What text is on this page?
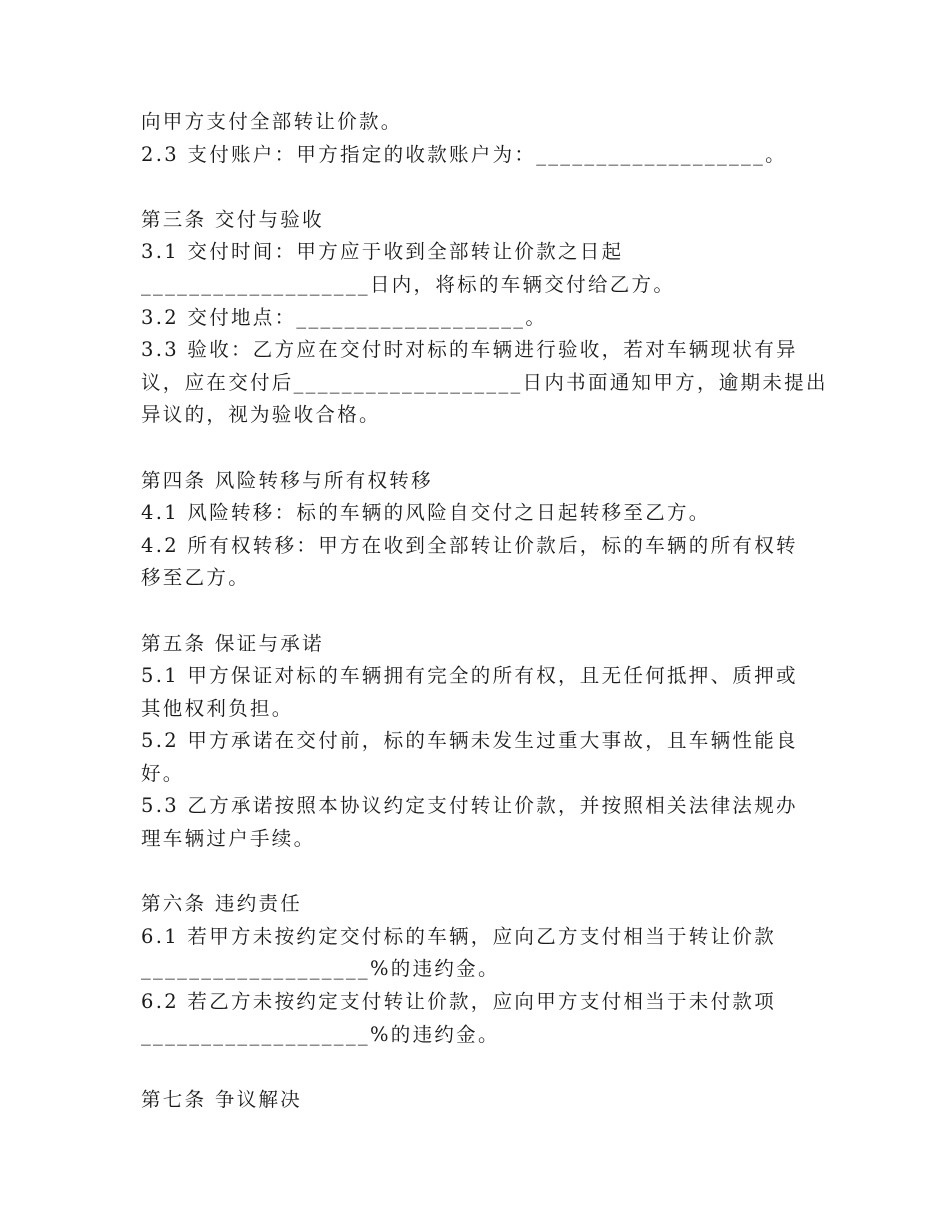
向甲方支付全部转让价款。
2.3 支付账户：甲方指定的收款账户为：___________________。
第三条 交付与验收
3.1 交付时间：甲方应于收到全部转让价款之日起
___________________日内，将标的车辆交付给乙方。
3.2 交付地点：___________________。
3.3 验收：乙方应在交付时对标的车辆进行验收，若对车辆现状有异
议，应在交付后___________________日内书面通知甲方，逾期未提出
异议的，视为验收合格。
第四条 风险转移与所有权转移
4.1 风险转移：标的车辆的风险自交付之日起转移至乙方。
4.2 所有权转移：甲方在收到全部转让价款后，标的车辆的所有权转
移至乙方。
第五条 保证与承诺
5.1 甲方保证对标的车辆拥有完全的所有权，且无任何抵押、质押或
其他权利负担。
5.2 甲方承诺在交付前，标的车辆未发生过重大事故，且车辆性能良
好。
5.3 乙方承诺按照本协议约定支付转让价款，并按照相关法律法规办
理车辆过户手续。
第六条 违约责任
6.1 若甲方未按约定交付标的车辆，应向乙方支付相当于转让价款
___________________%的违约金。
6.2 若乙方未按约定支付转让价款，应向甲方支付相当于未付款项
___________________%的违约金。
第七条 争议解决
